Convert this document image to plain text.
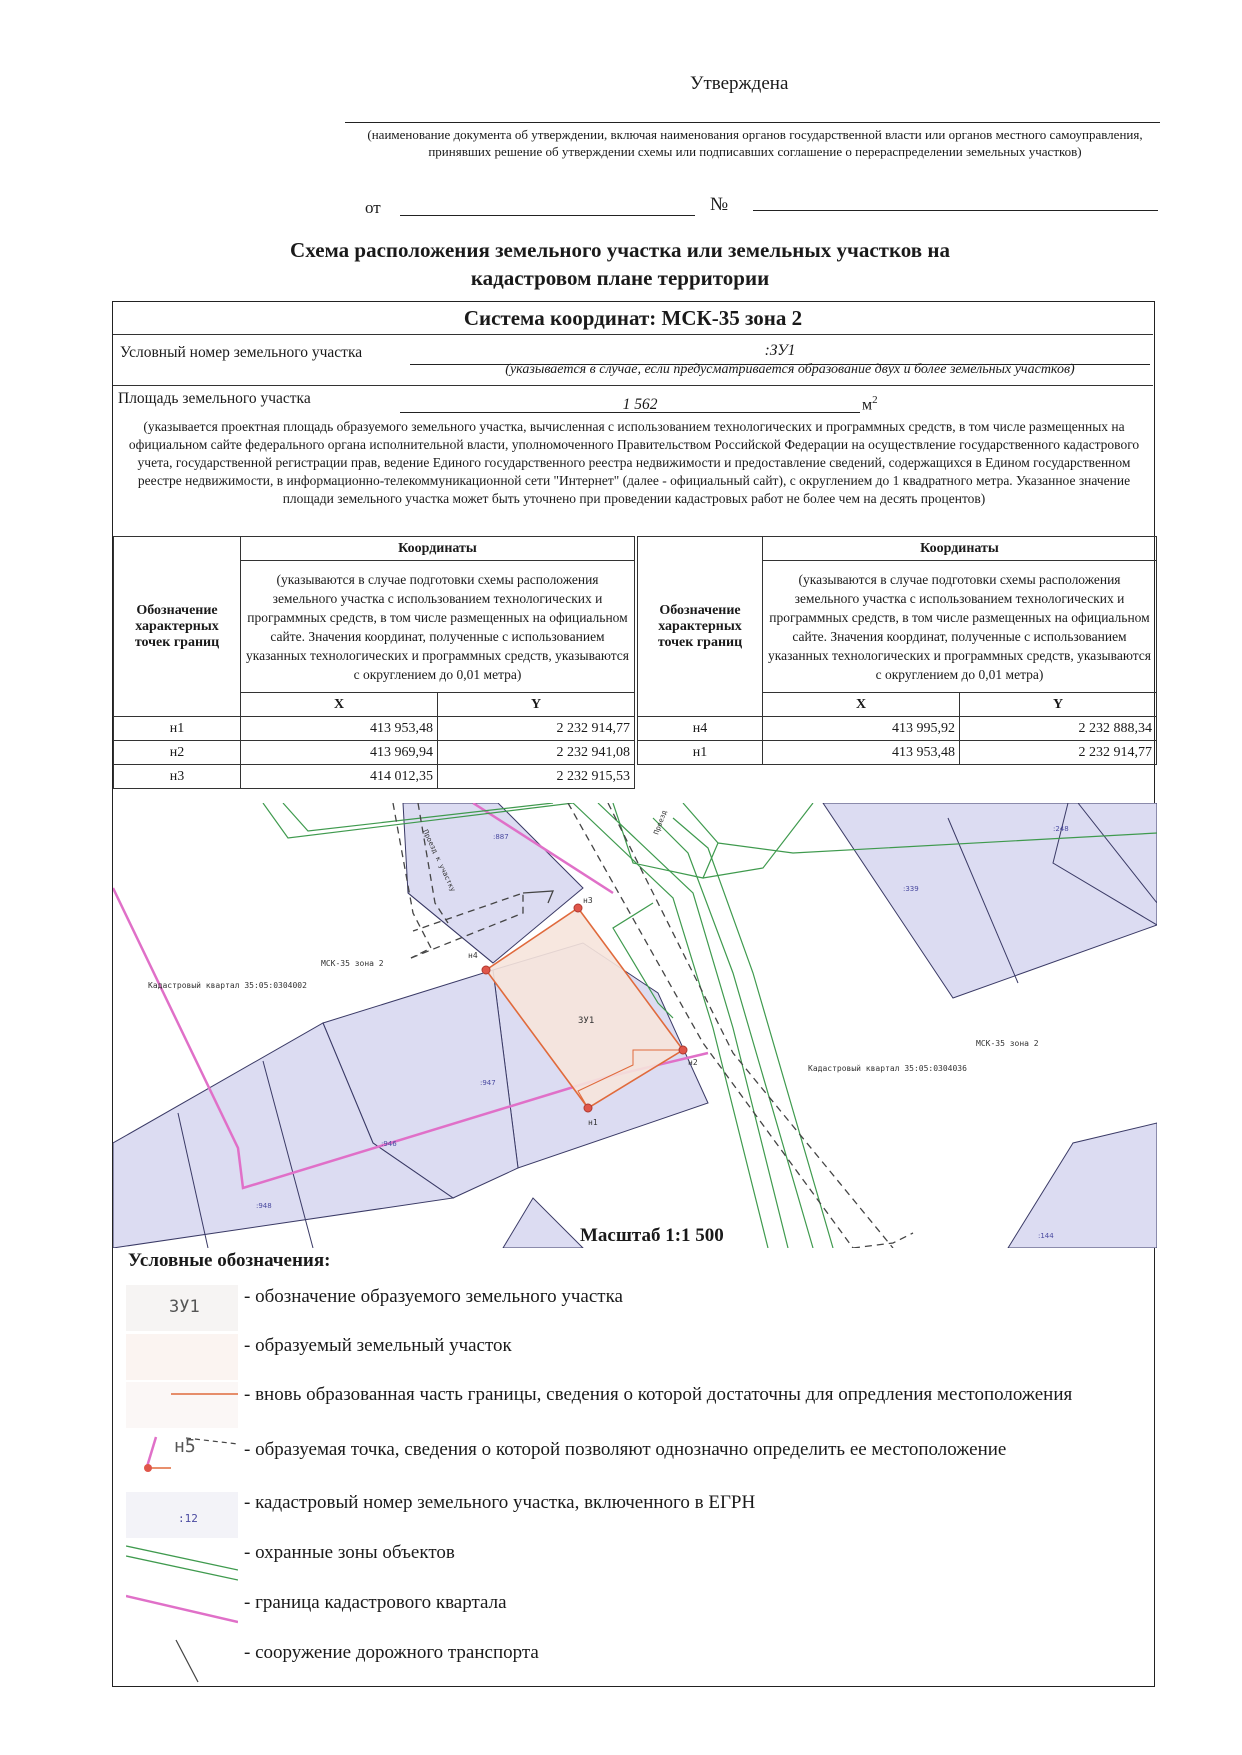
Утверждена
(наименование документа об утверждении, включая наименования органов государственной власти или органов местного самоуправления, принявших решение об утверждении схемы или подписавших соглашение о перераспределении земельных участков)
от	№
Схема расположения земельного участка или земельных участков на кадастровом плане территории
Система координат: МСК-35 зона 2
Условный номер земельного участка	:ЗУ1
(указывается в случае, если предусматривается образование двух и более земельных участков)
Площадь земельного участка	1 562	$м^2$
(указывается проектная площадь образуемого земельного участка, вычисленная с использованием технологических и программных средств, в том числе размещенных на официальном сайте федерального органа исполнительной власти, уполномоченного Правительством Российской Федерации на осуществление государственного кадастрового учета, государственной регистрации прав, ведение Единого государственного реестра недвижимости и предоставление сведений, содержащихся в Едином государственном реестре недвижимости, в информационно-телекоммуникационной сети "Интернет" (далее - официальный сайт), с округлением до 1 квадратного метра. Указанное значение площади земельного участка может быть уточнено при проведении кадастровых работ не более чем на десять процентов)
Обозначение характерных точек границ	Координаты	
	(указываются в случае подготовки схемы расположения земельного участка с использованием технологических и программных средств, в том числе размещенных на официальном сайте. Значения координат, полученные с использованием указанных технологических и программных средств, указываются с округлением до 0,01 метра)	
	X	Y
н1	413 953,48	2 232 914,77
н2	413 969,94	2 232 941,08
н3	414 012,35	2 232 915,53
Обозначение характерных точек границ	Координаты	
	(указываются в случае подготовки схемы расположения земельного участка с использованием технологических и программных средств, в том числе размещенных на официальном сайте. Значения координат, полученные с использованием указанных технологических и программных средств, указываются с округлением до 0,01 метра)	
	X	Y
н4	413 995,92	2 232 888,34
н1	413 953,48	2 232 914,77
н1
н2
н3
н4
ЗУ1
МСК-35 зона 2
Кадастровый квартал 35:05:0304002
МСК-35 зона 2
Кадастровый квартал 35:05:0304036
Проезд к участку
Проезд
:887
:248
:339
:947
:946
:948
:144
Масштаб 1:1 500
Условные обозначения:
ЗУ1 - обозначение образуемого земельного участка
- образуемый земельный участок
- вновь образованная часть границы, сведения о которой достаточны для опредления местоположения
н5	- образуемая точка, сведения о которой позволяют однозначно определить ее местоположение
:12
- кадастровый номер земельного участка, включенного в ЕГРН
- охранные зоны объектов
- граница кадастрового квартала
- сооружение дорожного транспорта
